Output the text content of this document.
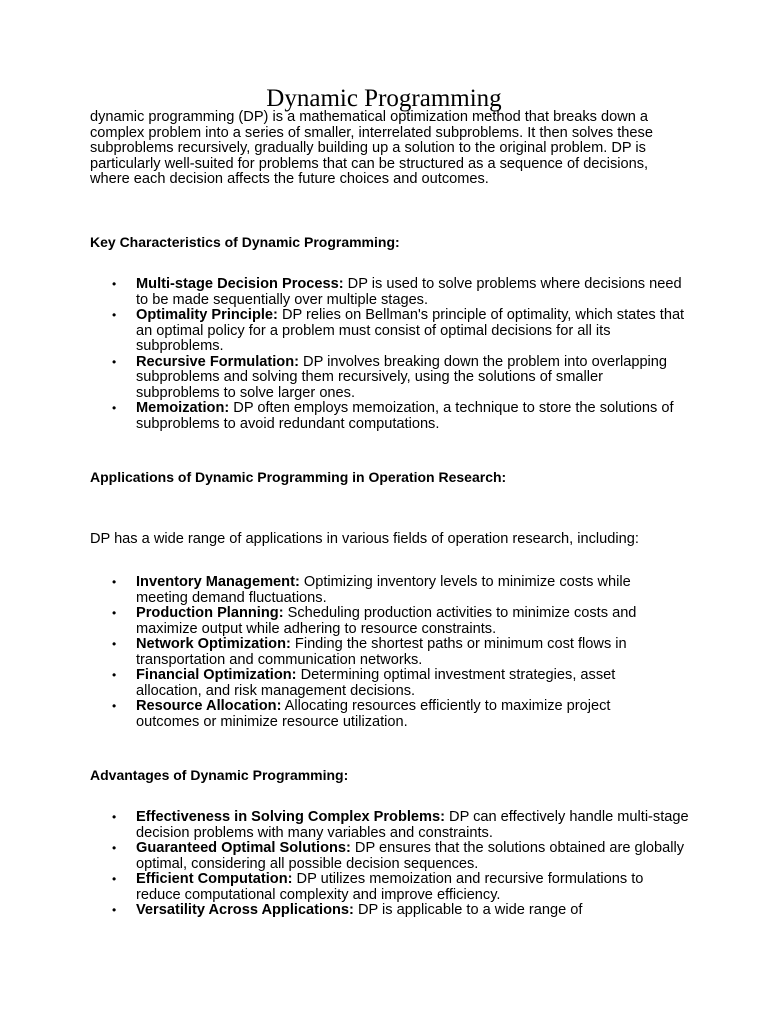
Dynamic Programming

dynamic programming (DP) is a mathematical optimization method that breaks down a complex problem into a series of smaller, interrelated subproblems. It then solves these subproblems recursively, gradually building up a solution to the original problem. DP is particularly well-suited for problems that can be structured as a sequence of decisions, where each decision affects the future choices and outcomes.

Key Characteristics of Dynamic Programming:

• Multi-stage Decision Process: DP is used to solve problems where decisions need to be made sequentially over multiple stages.
• Optimality Principle: DP relies on Bellman's principle of optimality, which states that an optimal policy for a problem must consist of optimal decisions for all its subproblems.
• Recursive Formulation: DP involves breaking down the problem into overlapping subproblems and solving them recursively, using the solutions of smaller subproblems to solve larger ones.
• Memoization: DP often employs memoization, a technique to store the solutions of subproblems to avoid redundant computations.

Applications of Dynamic Programming in Operation Research:

DP has a wide range of applications in various fields of operation research, including:

• Inventory Management: Optimizing inventory levels to minimize costs while meeting demand fluctuations.
• Production Planning: Scheduling production activities to minimize costs and maximize output while adhering to resource constraints.
• Network Optimization: Finding the shortest paths or minimum cost flows in transportation and communication networks.
• Financial Optimization: Determining optimal investment strategies, asset allocation, and risk management decisions.
• Resource Allocation: Allocating resources efficiently to maximize project outcomes or minimize resource utilization.

Advantages of Dynamic Programming:

• Effectiveness in Solving Complex Problems: DP can effectively handle multi-stage decision problems with many variables and constraints.
• Guaranteed Optimal Solutions: DP ensures that the solutions obtained are globally optimal, considering all possible decision sequences.
• Efficient Computation: DP utilizes memoization and recursive formulations to reduce computational complexity and improve efficiency.
• Versatility Across Applications: DP is applicable to a wide range of
